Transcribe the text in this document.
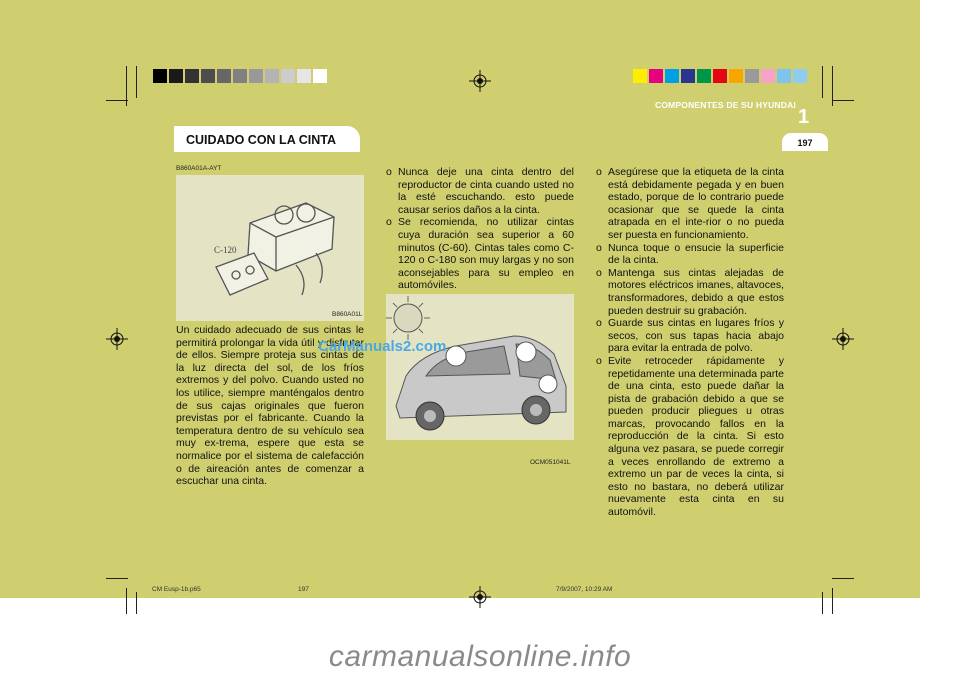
COMPONENTES DE SU HYUNDAI
1
197
CUIDADO CON LA CINTA
B860A01A-AYT
C-120
B860A01L
Un cuidado adecuado de sus cintas le permitirá prolongar la vida útil y disfrutar de ellos. Siempre proteja sus cintas de la luz directa del sol, de los fríos extremos y del polvo. Cuando usted no los utilice, siempre manténgalos dentro de sus cajas originales que fueron previstas por el fabricante. Cuando la temperatura dentro de su vehículo sea muy ex-trema, espere que esta se normalice por el sistema de calefacción o de aireación antes de comenzar a escuchar una cinta.
o Nunca deje una cinta dentro del reproductor de cinta cuando usted no la esté escuchando. esto puede causar serios daños a la cinta.
o Se recomienda, no utilizar cintas cuya duración sea superior a 60 minutos (C-60). Cintas tales como C-120 o C-180 son muy largas y no son aconsejables para su empleo en automóviles.
OCM051041L
o Asegúrese que la etiqueta de la cinta está debidamente pegada y en buen estado, porque de lo contrario puede ocasionar que se quede la cinta atrapada en el inte-rior o no pueda ser puesta en funcionamiento.
o Nunca toque o ensucie la superficie de la cinta.
o Mantenga sus cintas alejadas de motores eléctricos imanes, altavoces, transformadores, debido a que estos pueden destruir su grabación.
o Guarde sus cintas en lugares fríos y secos, con sus tapas hacia abajo para evitar la entrada de polvo.
o Evite retroceder rápidamente y repetidamente una determinada parte de una cinta, esto puede dañar la pista de grabación debido a que se pueden producir pliegues u otras marcas, provocando fallos en la reproducción de la cinta. Si esto alguna vez pasara, se puede corregir a veces enrollando de extremo a extremo un par de veces la cinta, si esto no bastara, no deberá utilizar nuevamente esta cinta en su automóvil.
CarManuals2.com
CM Eusp-1b.p65	197	7/9/2007, 10:29 AM
carmanualsonline.info
